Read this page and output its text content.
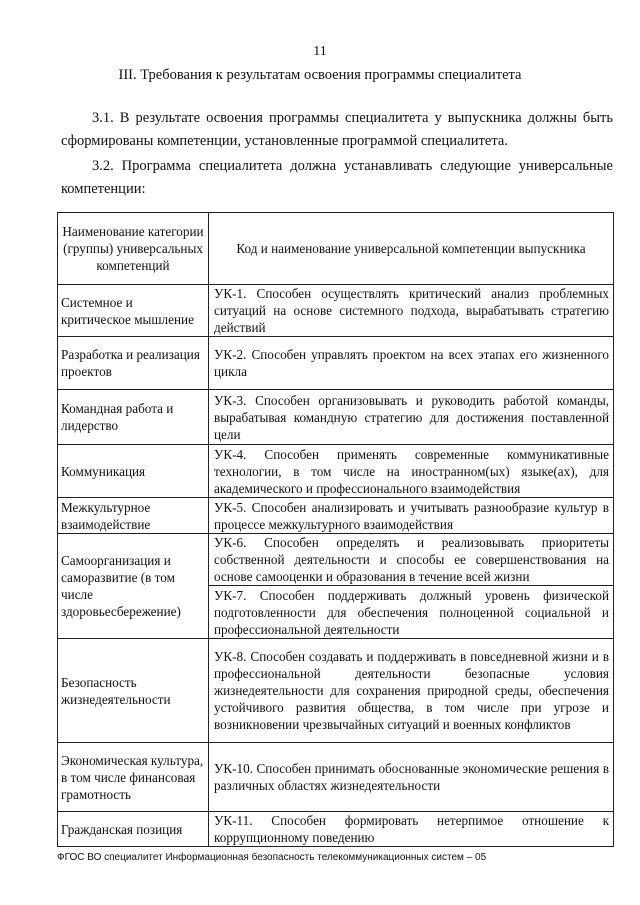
11
III. Требования к результатам освоения программы специалитета

3.1. В результате освоения программы специалитета у выпускника должны быть сформированы компетенции, установленные программой специалитета.

3.2. Программа специалитета должна устанавливать следующие универсальные компетенции:

Наименование категории (группы) универсальных компетенций	Код и наименование универсальной компетенции выпускника
Системное и критическое мышление	УК-1. Способен осуществлять критический анализ проблемных ситуаций на основе системного подхода, вырабатывать стратегию действий
Разработка и реализация проектов	УК-2. Способен управлять проектом на всех этапах его жизненного цикла
Командная работа и лидерство	УК-3. Способен организовывать и руководить работой команды, вырабатывая командную стратегию для достижения поставленной цели
Коммуникация	УК-4. Способен применять современные коммуникативные технологии, в том числе на иностранном(ых) языке(ах), для академического и профессионального взаимодействия
Межкультурное взаимодействие	УК-5. Способен анализировать и учитывать разнообразие культур в процессе межкультурного взаимодействия
Самоорганизация и саморазвитие (в том числе здоровьесбережение)	УК-6. Способен определять и реализовывать приоритеты собственной деятельности и способы ее совершенствования на основе самооценки и образования в течение всей жизни
	УК-7. Способен поддерживать должный уровень физической подготовленности для обеспечения полноценной социальной и профессиональной деятельности
Безопасность жизнедеятельности	УК-8. Способен создавать и поддерживать в повседневной жизни и в профессиональной деятельности безопасные условия жизнедеятельности для сохранения природной среды, обеспечения устойчивого развития общества, в том числе при угрозе и возникновении чрезвычайных ситуаций и военных конфликтов
Экономическая культура, в том числе финансовая грамотность	УК-10. Способен принимать обоснованные экономические решения в различных областях жизнедеятельности
Гражданская позиция	УК-11. Способен формировать нетерпимое отношение к коррупционному поведению
ФГОС ВО специалитет Информационная безопасность телекоммуникационных систем – 05
